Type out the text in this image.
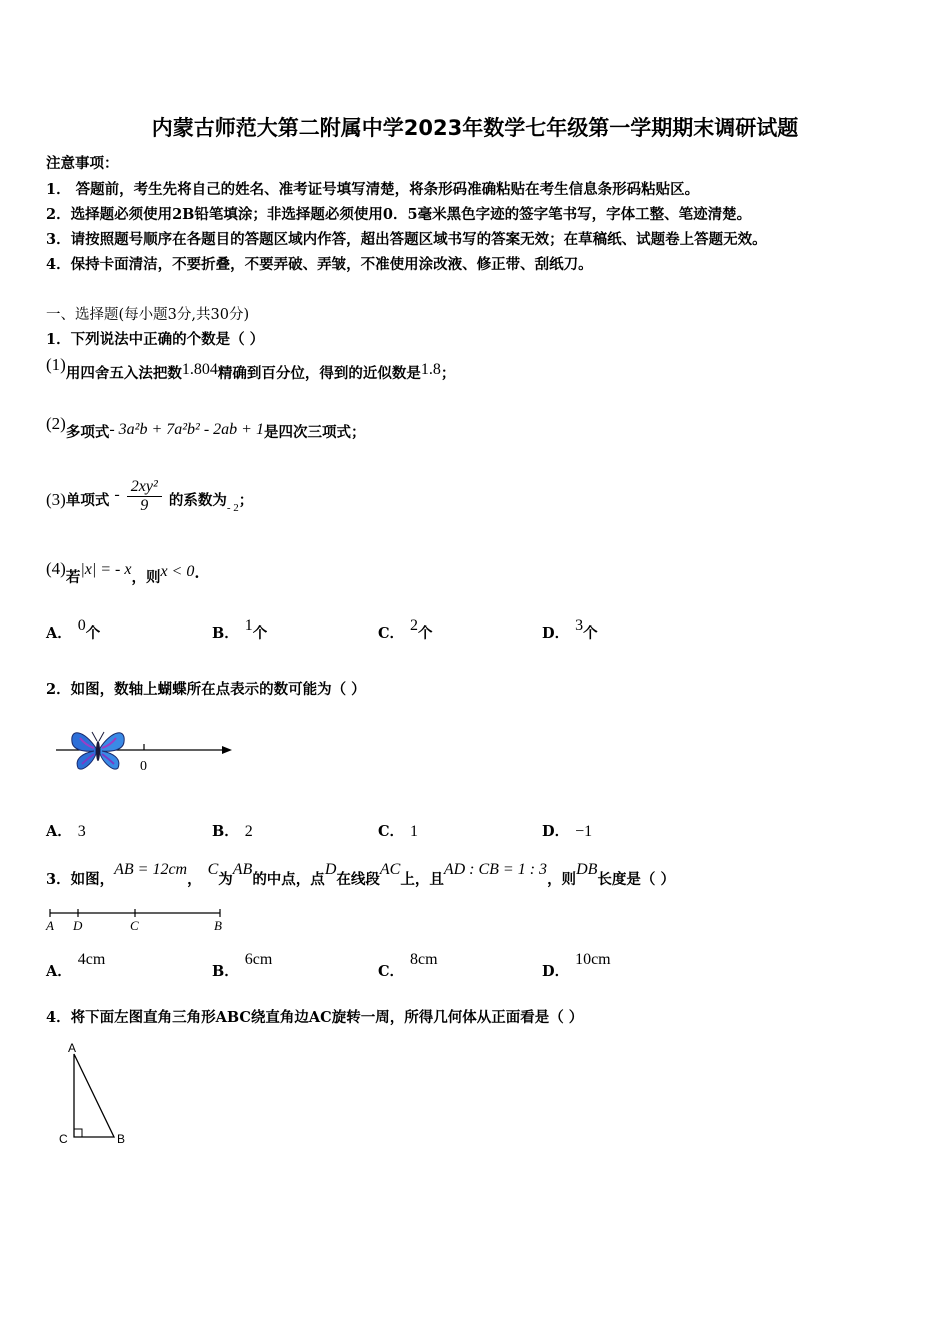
内蒙古师范大第二附属中学2023年数学七年级第一学期期末调研试题
注意事项：
1． 答题前，考生先将自己的姓名、准考证号填写清楚，将条形码准确粘贴在考生信息条形码粘贴区。
2．选择题必须使用2B铅笔填涂；非选择题必须使用0．5毫米黑色字迹的签字笔书写，字体工整、笔迹清楚。
3．请按照题号顺序在各题目的答题区域内作答，超出答题区域书写的答案无效；在草稿纸、试题卷上答题无效。
4．保持卡面清洁，不要折叠，不要弄破、弄皱，不准使用涂改液、修正带、刮纸刀。
一、选择题(每小题3分,共30分)
1．下列说法中正确的个数是（ ）
(1)用四舍五入法把数1.804精确到百分位，得到的近似数是1.8；
(2)多项式- 3a²b + 7a²b² - 2ab + 1是四次三项式；
(3)单项式 - $\frac{\text{2xy²}}{9}$ 的系数为$_{- 2}$；
(4)若|x| = - x，则x < 0.
A． 0个	B． 1个	C． 2个	D． 3个
2．如图，数轴上蝴蝶所在点表示的数可能为（ ）
0
A． 3	B． 2	C． 1	D． −1
3．如图，AB = 12cm，C为AB的中点，点D在线段AC上，且AD : CB = 1 : 3，则DB长度是（ ）
A D	C	B
A．4cm
B．6cm
C．8cm
D．10cm
4．将下面左图直角三角形ABC绕直角边AC旋转一周，所得几何体从正面看是（ ）
A
C	B
